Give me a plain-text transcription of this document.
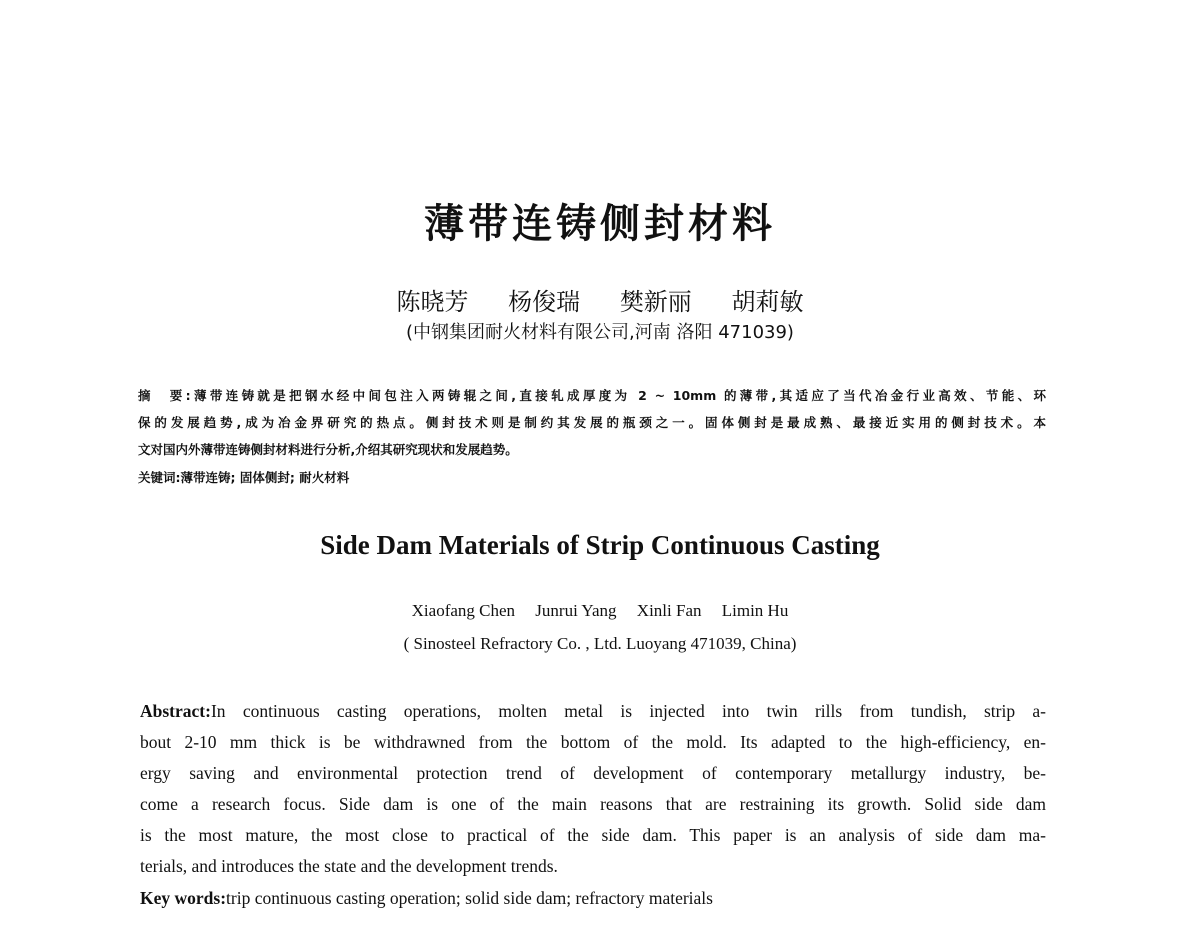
薄带连铸侧封材料
陈晓芳 杨俊瑞 樊新丽 胡莉敏
(中钢集团耐火材料有限公司,河南 洛阳 471039)
摘　要:薄带连铸就是把钢水经中间包注入两铸辊之间,直接轧成厚度为 2 ~ 10mm 的薄带,其适应了当代冶金行业高效、节能、环
保的发展趋势,成为冶金界研究的热点。侧封技术则是制约其发展的瓶颈之一。固体侧封是最成熟、最接近实用的侧封技术。本
文对国内外薄带连铸侧封材料进行分析,介绍其研究现状和发展趋势。
关键词:薄带连铸; 固体侧封; 耐火材料
Side Dam Materials of Strip Continuous Casting
Xiaofang Chen Junrui Yang Xinli Fan Limin Hu
( Sinosteel Refractory Co. , Ltd. Luoyang 471039, China)
Abstract:In continuous casting operations, molten metal is injected into twin rills from tundish, strip a-
bout 2-10 mm thick is be withdrawned from the bottom of the mold. Its adapted to the high-efficiency, en-
ergy saving and environmental protection trend of development of contemporary metallurgy industry, be-
come a research focus. Side dam is one of the main reasons that are restraining its growth. Solid side dam
is the most mature, the most close to practical of the side dam. This paper is an analysis of side dam ma-
terials, and introduces the state and the development trends.
Key words:trip continuous casting operation; solid side dam; refractory materials
